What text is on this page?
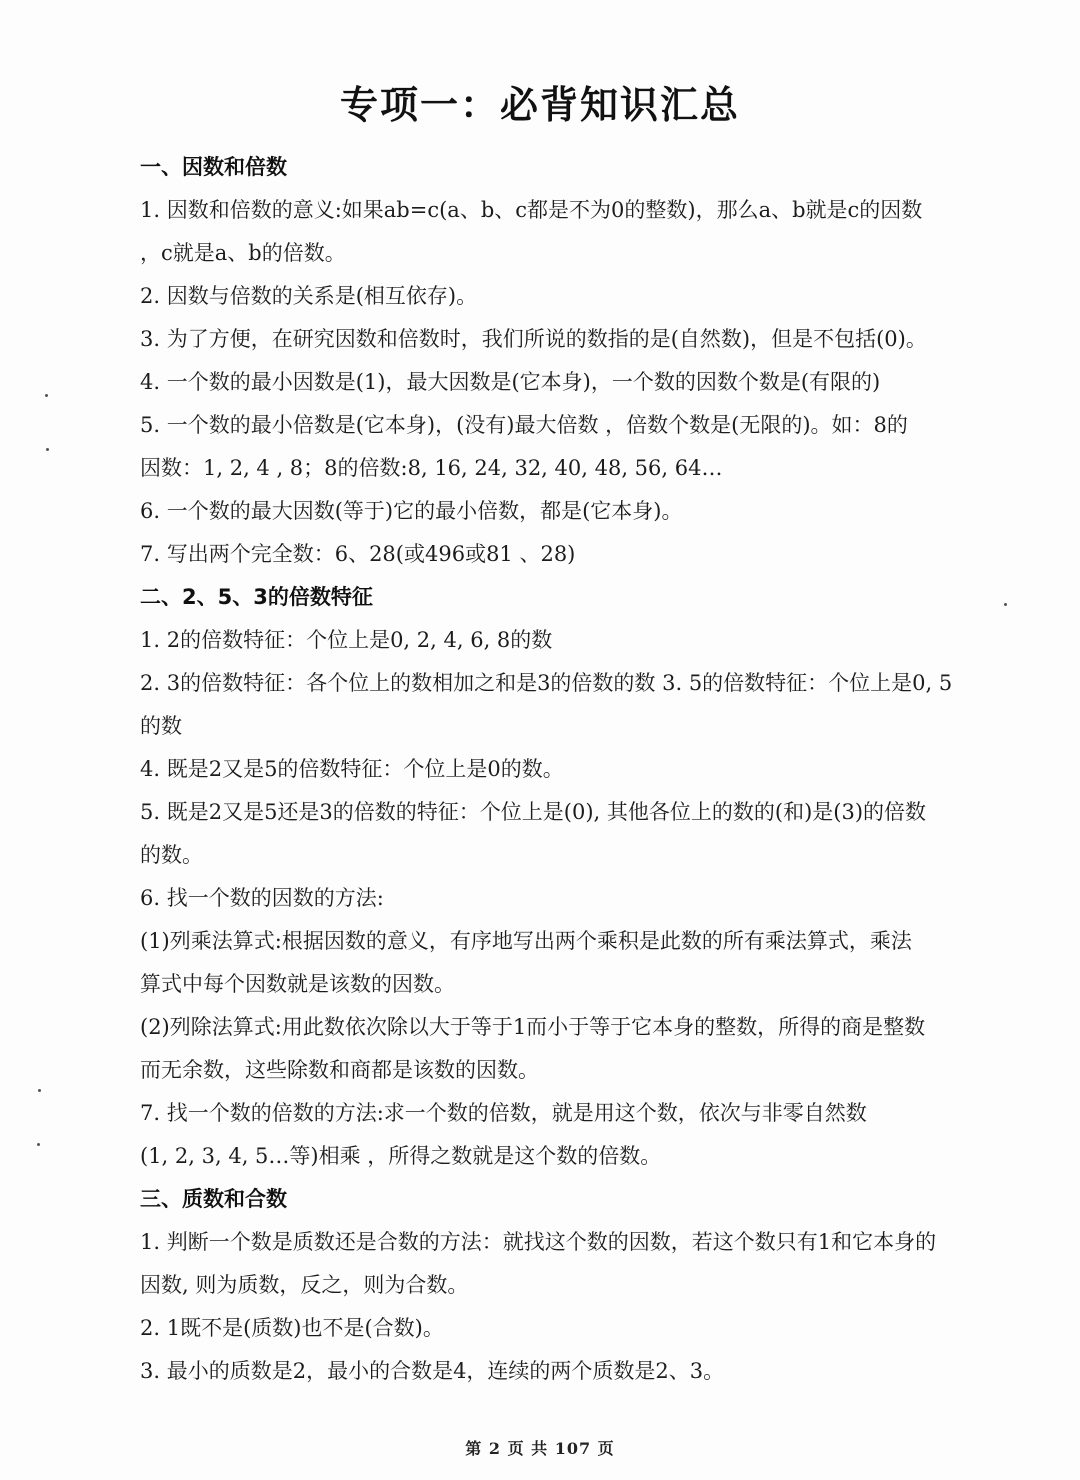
专项一：必背知识汇总
一、因数和倍数
1. 因数和倍数的意义:如果ab=c(a、b、c都是不为0的整数)，那么a、b就是c的因数
，c就是a、b的倍数。
2. 因数与倍数的关系是(相互依存)。
3. 为了方便，在研究因数和倍数时，我们所说的数指的是(自然数)，但是不包括(0)。
4. 一个数的最小因数是(1)，最大因数是(它本身)，一个数的因数个数是(有限的)
5. 一个数的最小倍数是(它本身)，(没有)最大倍数 ，倍数个数是(无限的)。如：8的
因数：1, 2, 4 , 8；8的倍数:8, 16, 24, 32, 40, 48, 56, 64…
6. 一个数的最大因数(等于)它的最小倍数，都是(它本身)。
7. 写出两个完全数：6、28(或496或81 、28)
二、2、5、3的倍数特征
1. 2的倍数特征：个位上是0, 2, 4, 6, 8的数
2. 3的倍数特征：各个位上的数相加之和是3的倍数的数 3. 5的倍数特征：个位上是0, 5
的数
4. 既是2又是5的倍数特征：个位上是0的数。
5. 既是2又是5还是3的倍数的特征：个位上是(0), 其他各位上的数的(和)是(3)的倍数
的数。
6. 找一个数的因数的方法:
(1)列乘法算式:根据因数的意义，有序地写出两个乘积是此数的所有乘法算式，乘法
算式中每个因数就是该数的因数。
(2)列除法算式:用此数依次除以大于等于1而小于等于它本身的整数，所得的商是整数
而无余数，这些除数和商都是该数的因数。
7. 找一个数的倍数的方法:求一个数的倍数，就是用这个数，依次与非零自然数
(1, 2, 3, 4, 5…等)相乘 ，所得之数就是这个数的倍数。
三、质数和合数
1. 判断一个数是质数还是合数的方法：就找这个数的因数，若这个数只有1和它本身的
因数, 则为质数，反之，则为合数。
2. 1既不是(质数)也不是(合数)。
3. 最小的质数是2，最小的合数是4，连续的两个质数是2、3。
第 2 页 共 107 页
